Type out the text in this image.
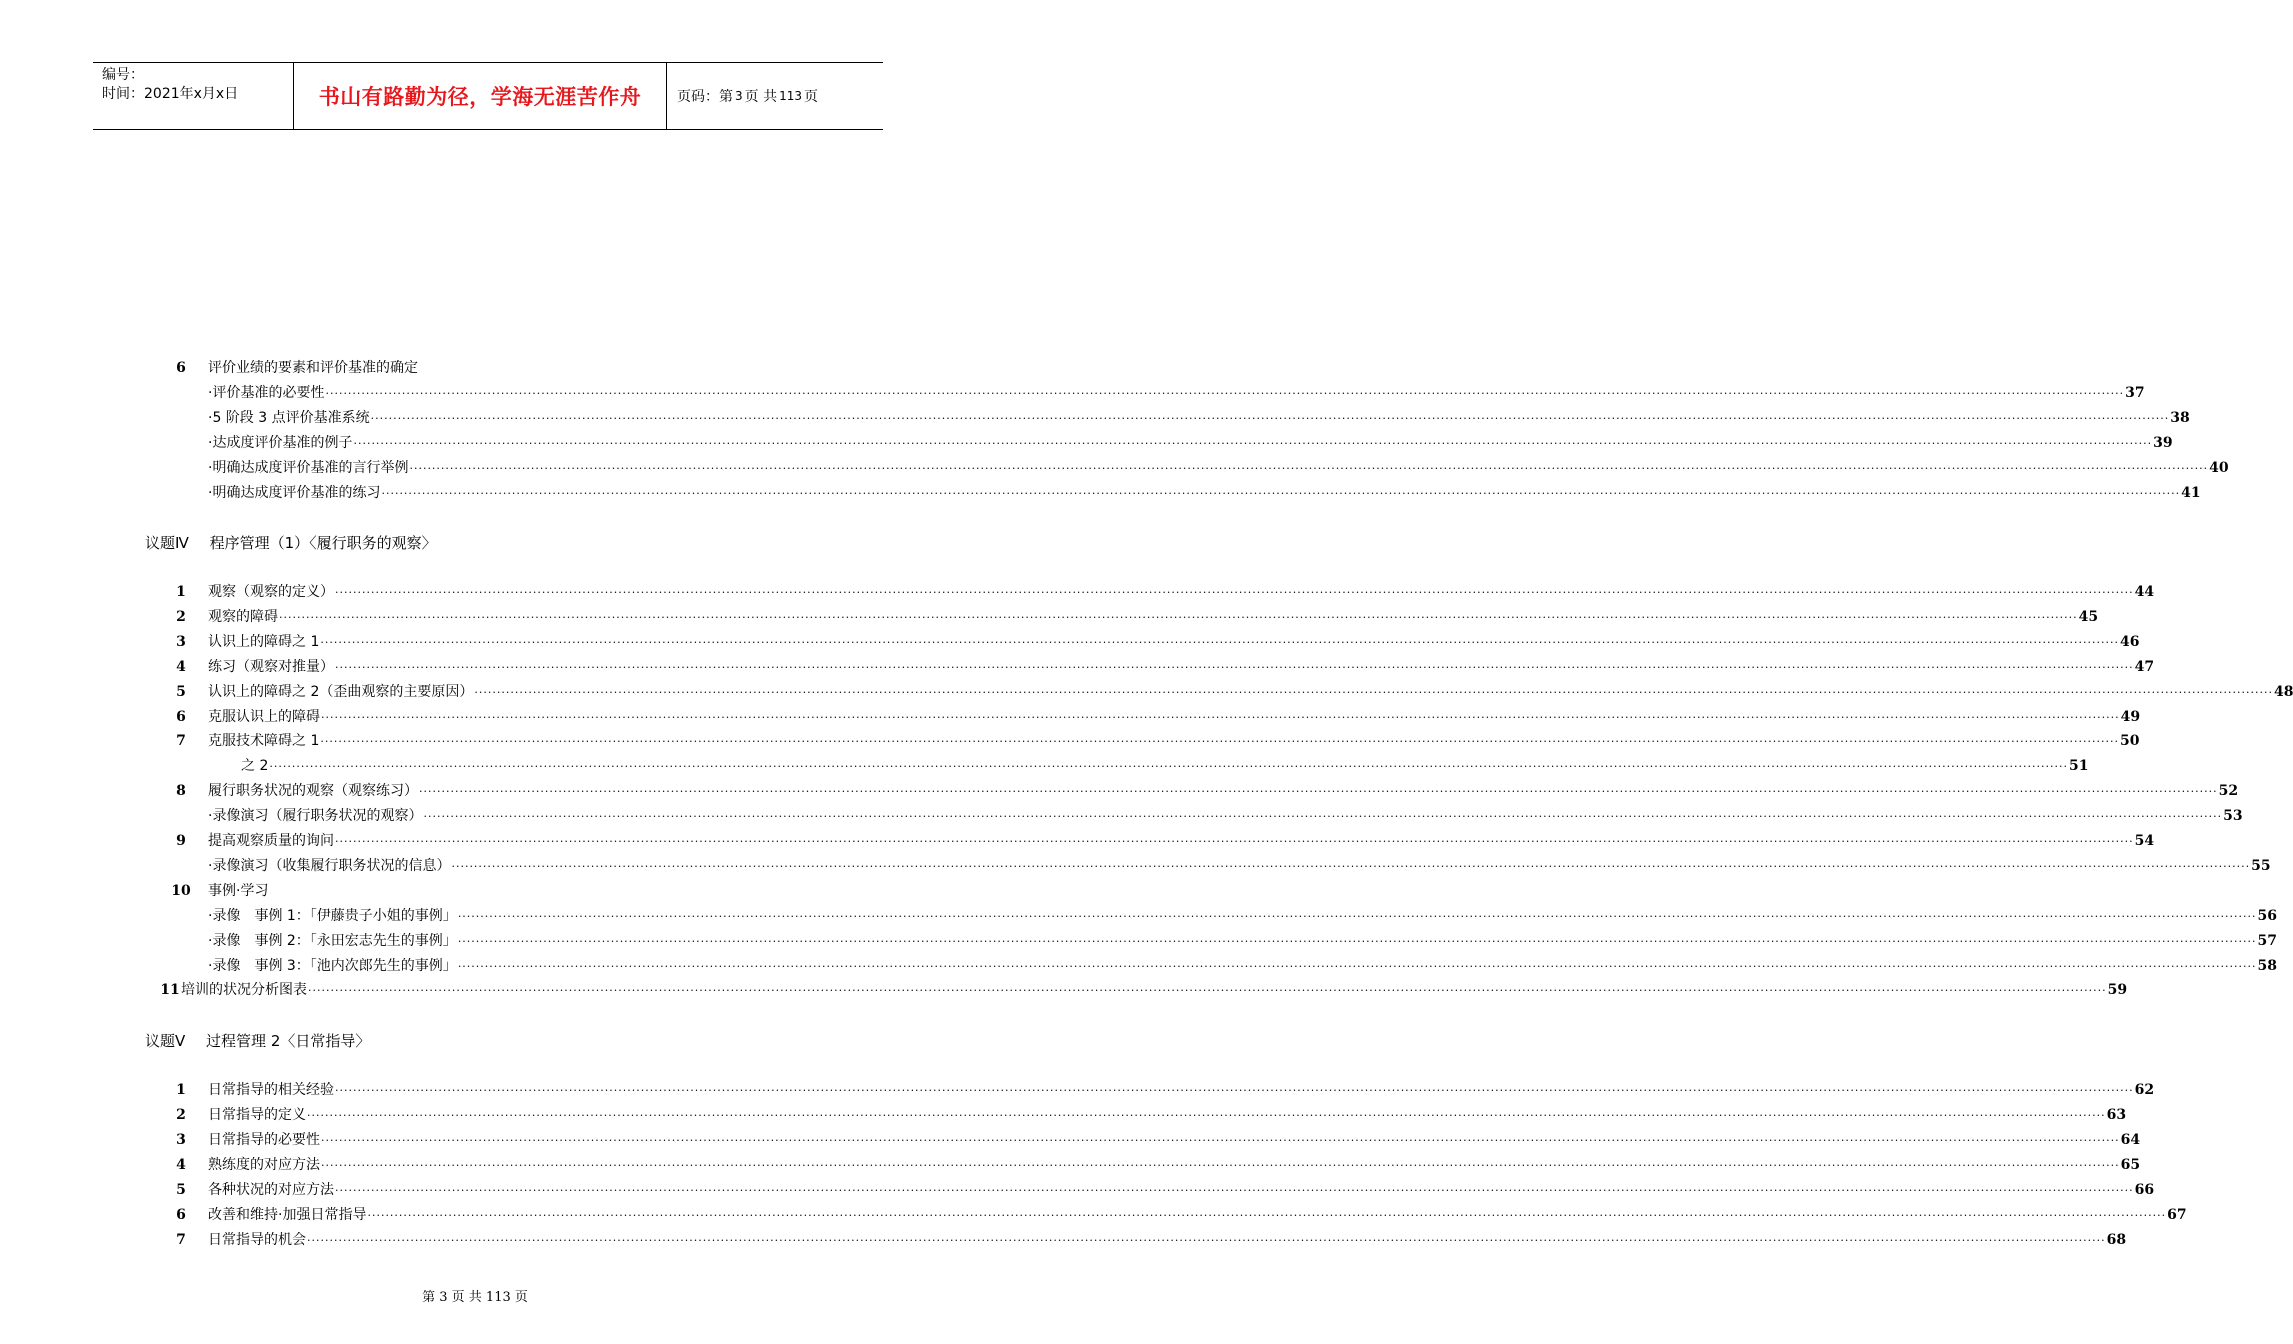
编号：
时间：2021年x月x日	书山有路勤为径，学海无涯苦作舟	页码：第 3 页 共 113 页
6	评价业绩的要素和评价基准的确定
·评价基准的必要性 ················································································································································································································································································································································································································ 37
·5 阶段 3 点评价基准系统 ················································································································································································································································································································································································································ 38
·达成度评价基准的例子 ················································································································································································································································································································································································································ 39
·明确达成度评价基准的言行举例 ················································································································································································································································································································································································································ 40
·明确达成度评价基准的练习 ················································································································································································································································································································································································································ 41
议题Ⅳ 程序管理（1）〈履行职务的观察〉
1	观察（观察的定义） ················································································································································································································································································································································································································ 44
2	观察的障碍 ················································································································································································································································································································································································································ 45
3	认识上的障碍之 1 ················································································································································································································································································································································································································ 46
4	练习（观察对推量） ················································································································································································································································································································································································································ 47
5	认识上的障碍之 2（歪曲观察的主要原因） ················································································································································································································································································································································································································ 48
6	克服认识上的障碍 ················································································································································································································································································································································································································ 49
7	克服技术障碍之 1 ················································································································································································································································································································································································································ 50
之 2 ················································································································································································································································································································································································································ 51
8	履行职务状况的观察（观察练习） ················································································································································································································································································································································································································ 52
·录像演习（履行职务状况的观察） ················································································································································································································································································································································································································ 53
9	提高观察质量的询问 ················································································································································································································································································································································································································ 54
·录像演习（收集履行职务状况的信息） ················································································································································································································································································································································································································ 55
10	事例·学习
·录像　事例 1：「伊藤贵子小姐的事例」 ················································································································································································································································································································································································································ 56
·录像　事例 2：「永田宏志先生的事例」 ················································································································································································································································································································································································································ 57
·录像　事例 3：「池内次郎先生的事例」 ················································································································································································································································································································································································································ 58
11 培训的状况分析图表 ················································································································································································································································································································································································································ 59
议题Ⅴ 过程管理 2〈日常指导〉
1	日常指导的相关经验 ················································································································································································································································································································································································································ 62
2	日常指导的定义 ················································································································································································································································································································································································································ 63
3	日常指导的必要性 ················································································································································································································································································································································································································ 64
4	熟练度的对应方法 ················································································································································································································································································································································································································ 65
5	各种状况的对应方法 ················································································································································································································································································································································································································ 66
6	改善和维持·加强日常指导 ················································································································································································································································································································································································································ 67
7	日常指导的机会 ················································································································································································································································································································································································································ 68
第 3 页 共 113 页
